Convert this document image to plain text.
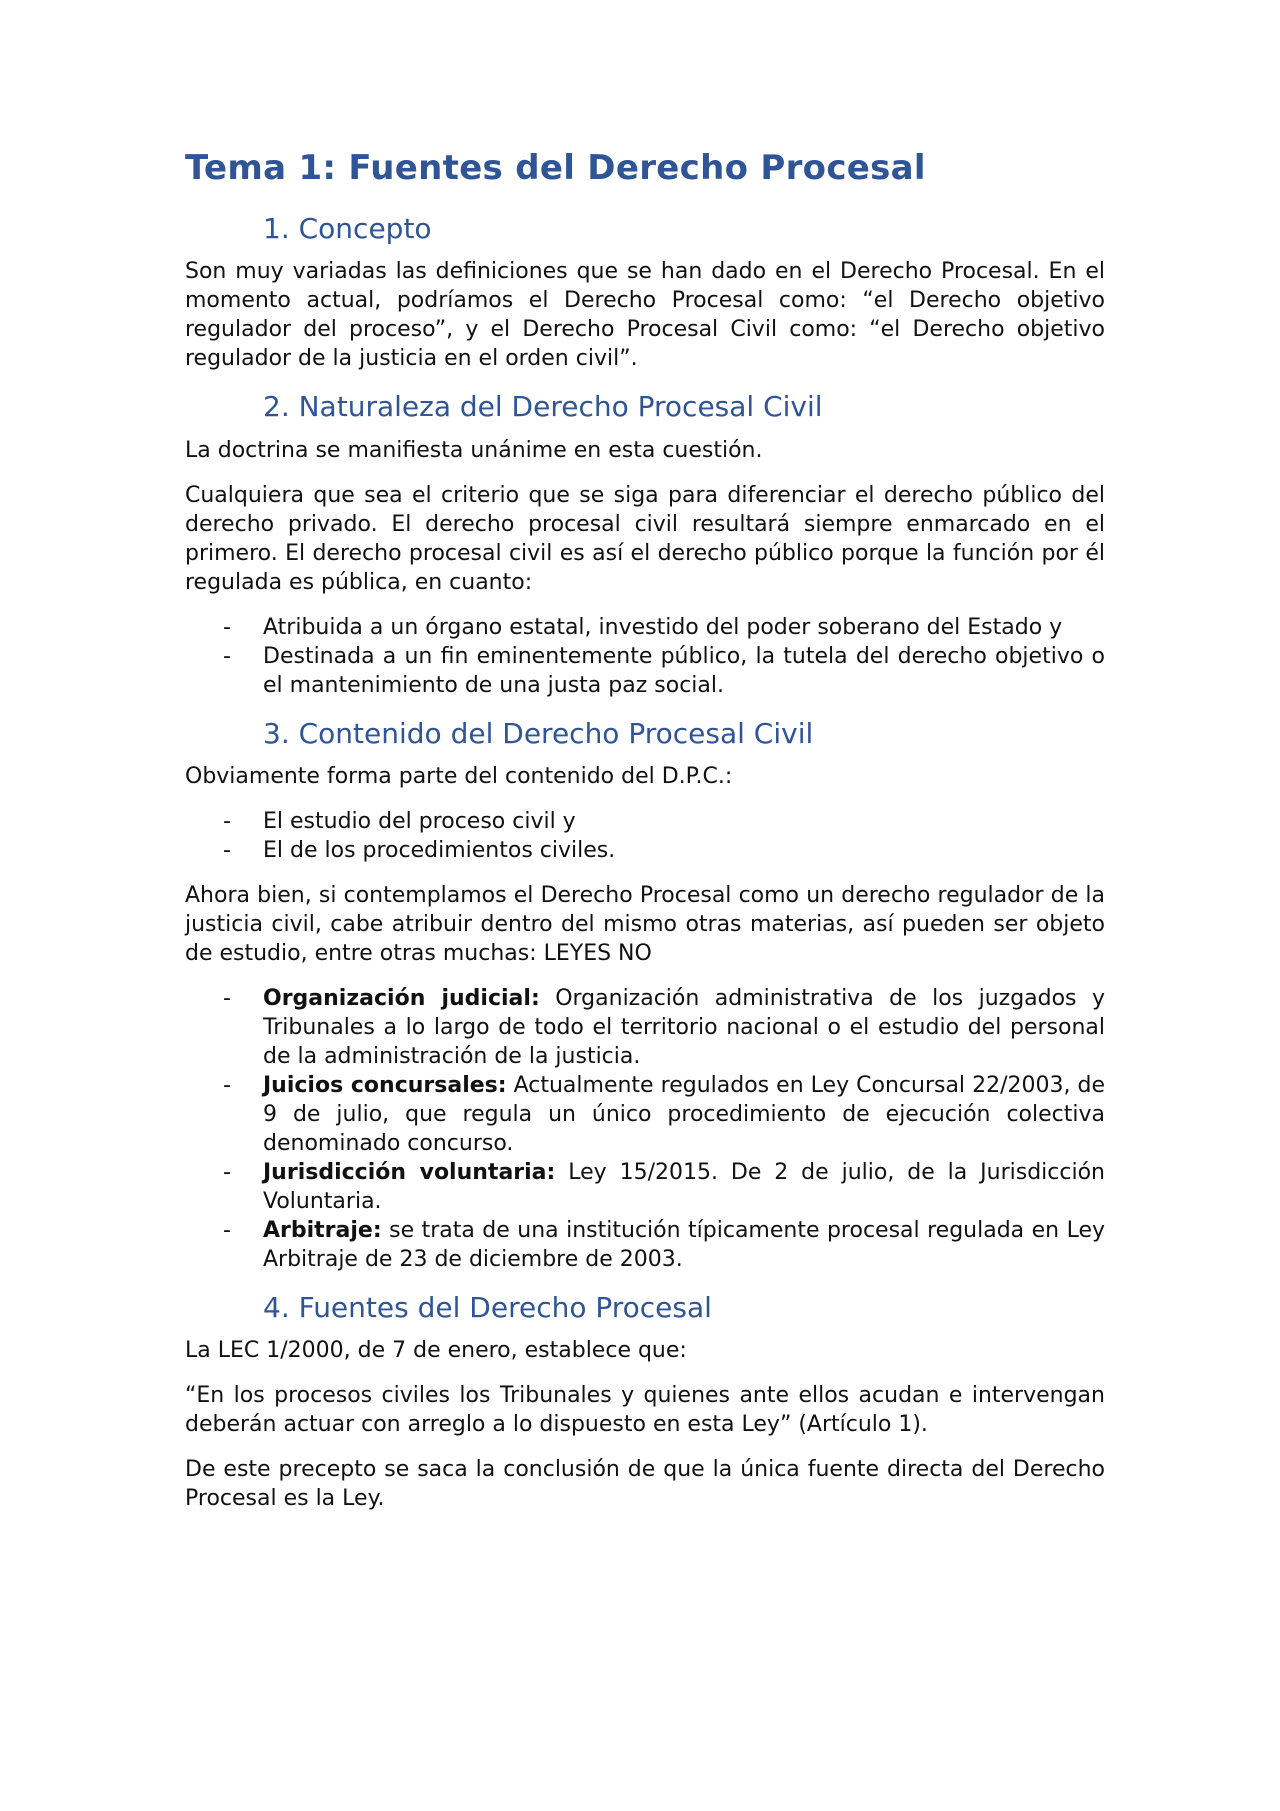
Tema 1: Fuentes del Derecho Procesal
1. Concepto

Son muy variadas las definiciones que se han dado en el Derecho Procesal. En el momento actual, podríamos el Derecho Procesal como: “el Derecho objetivo regulador del proceso”, y el Derecho Procesal Civil como: “el Derecho objetivo regulador de la justicia en el orden civil”.

2. Naturaleza del Derecho Procesal Civil

La doctrina se manifiesta unánime en esta cuestión.

Cualquiera que sea el criterio que se siga para diferenciar el derecho público del derecho privado. El derecho procesal civil resultará siempre enmarcado en el primero. El derecho procesal civil es así el derecho público porque la función por él regulada es pública, en cuanto:

- Atribuida a un órgano estatal, investido del poder soberano del Estado y
- Destinada a un fin eminentemente público, la tutela del derecho objetivo o el mantenimiento de una justa paz social.
3. Contenido del Derecho Procesal Civil

Obviamente forma parte del contenido del D.P.C.:

- El estudio del proceso civil y
- El de los procedimientos civiles.

Ahora bien, si contemplamos el Derecho Procesal como un derecho regulador de la justicia civil, cabe atribuir dentro del mismo otras materias, así pueden ser objeto de estudio, entre otras muchas: LEYES NO

- Organización judicial: Organización administrativa de los juzgados y Tribunales a lo largo de todo el territorio nacional o el estudio del personal de la administración de la justicia.
- Juicios concursales: Actualmente regulados en Ley Concursal 22/2003, de 9 de julio, que regula un único procedimiento de ejecución colectiva denominado concurso.
- Jurisdicción voluntaria: Ley 15/2015. De 2 de julio, de la Jurisdicción Voluntaria.
- Arbitraje: se trata de una institución típicamente procesal regulada en Ley Arbitraje de 23 de diciembre de 2003.
4. Fuentes del Derecho Procesal

La LEC 1/2000, de 7 de enero, establece que:

“En los procesos civiles los Tribunales y quienes ante ellos acudan e intervengan deberán actuar con arreglo a lo dispuesto en esta Ley” (Artículo 1).

De este precepto se saca la conclusión de que la única fuente directa del Derecho Procesal es la Ley.
